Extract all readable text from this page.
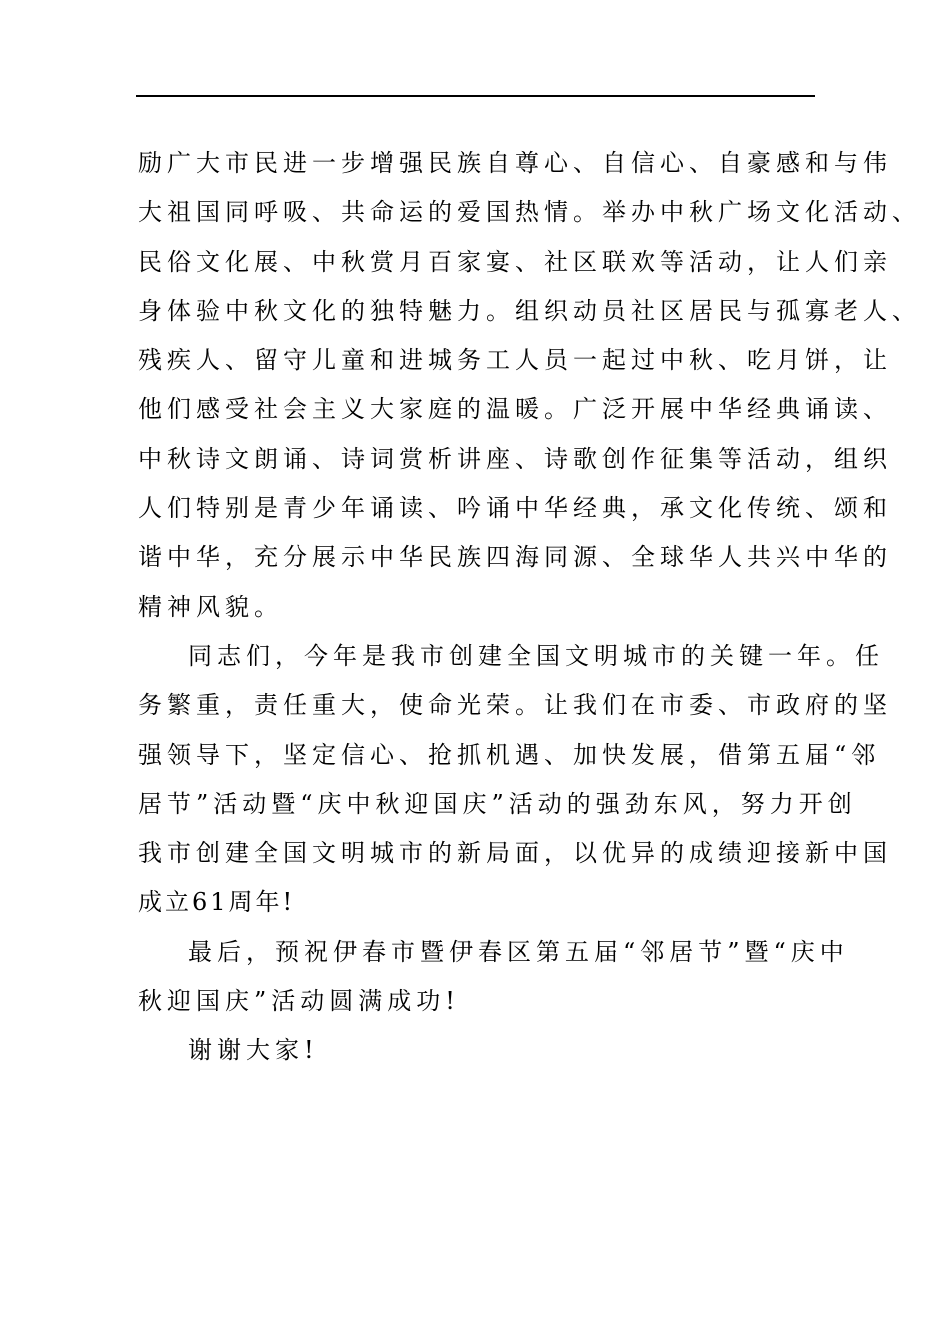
励广大市民进一步增强民族自尊心、自信心、自豪感和与伟
大祖国同呼吸、共命运的爱国热情。举办中秋广场文化活动、
民俗文化展、中秋赏月百家宴、社区联欢等活动，让人们亲
身体验中秋文化的独特魅力。组织动员社区居民与孤寡老人、
残疾人、留守儿童和进城务工人员一起过中秋、吃月饼，让
他们感受社会主义大家庭的温暖。广泛开展中华经典诵读、
中秋诗文朗诵、诗词赏析讲座、诗歌创作征集等活动，组织
人们特别是青少年诵读、吟诵中华经典，承文化传统、颂和
谐中华，充分展示中华民族四海同源、全球华人共兴中华的
精神风貌。
同志们，今年是我市创建全国文明城市的关键一年。任
务繁重，责任重大，使命光荣。让我们在市委、市政府的坚
强领导下，坚定信心、抢抓机遇、加快发展，借第五届“邻
居节”活动暨“庆中秋迎国庆”活动的强劲东风，努力开创
我市创建全国文明城市的新局面，以优异的成绩迎接新中国
成立61周年!
最后，预祝伊春市暨伊春区第五届“邻居节”暨“庆中
秋迎国庆”活动圆满成功!
谢谢大家!
